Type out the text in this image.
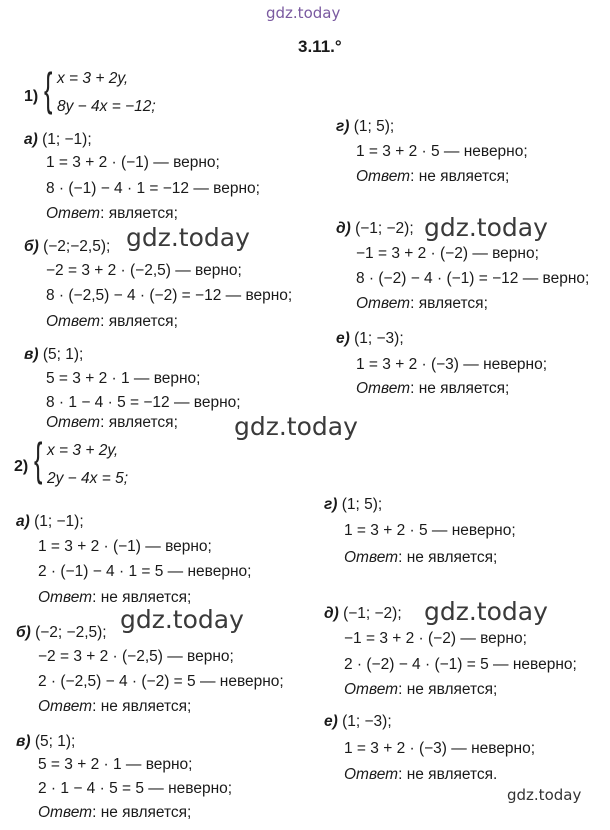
gdz.today
gdz.today	gdz.today
gdz.today
gdz.today	gdz.today
gdz.today
3.11.°
1) { x = 3 + 2y,
8y − 4x = −12;
а) (1; −1);
1 = 3 + 2 · (−1) — верно;
8 · (−1) − 4 · 1 = −12 — верно;
Ответ: является;
б) (−2;−2,5);
−2 = 3 + 2 · (−2,5) — верно;
8 · (−2,5) − 4 · (−2) = −12 — верно;
Ответ: является;
в) (5; 1);
5 = 3 + 2 · 1 — верно;
8 · 1 − 4 · 5 = −12 — верно;
Ответ: является;
г) (1; 5);
1 = 3 + 2 · 5 — неверно;
Ответ: не является;
д) (−1; −2);
−1 = 3 + 2 · (−2) — верно;
8 · (−2) − 4 · (−1) = −12 — верно;
Ответ: является;
е) (1; −3);
1 = 3 + 2 · (−3) — неверно;
Ответ: не является;
2) { x = 3 + 2y,
2y − 4x = 5;
а) (1; −1);
1 = 3 + 2 · (−1) — верно;
2 · (−1) − 4 · 1 = 5 — неверно;
Ответ: не является;
б) (−2; −2,5);
−2 = 3 + 2 · (−2,5) — верно;
2 · (−2,5) − 4 · (−2) = 5 — неверно;
Ответ: не является;
в) (5; 1);
5 = 3 + 2 · 1 — верно;
2 · 1 − 4 · 5 = 5 — неверно;
Ответ: не является;
г) (1; 5);
1 = 3 + 2 · 5 — неверно;
Ответ: не является;
д) (−1; −2);
−1 = 3 + 2 · (−2) — верно;
2 · (−2) − 4 · (−1) = 5 — неверно;
Ответ: не является;
е) (1; −3);
1 = 3 + 2 · (−3) — неверно;
Ответ: не является.
